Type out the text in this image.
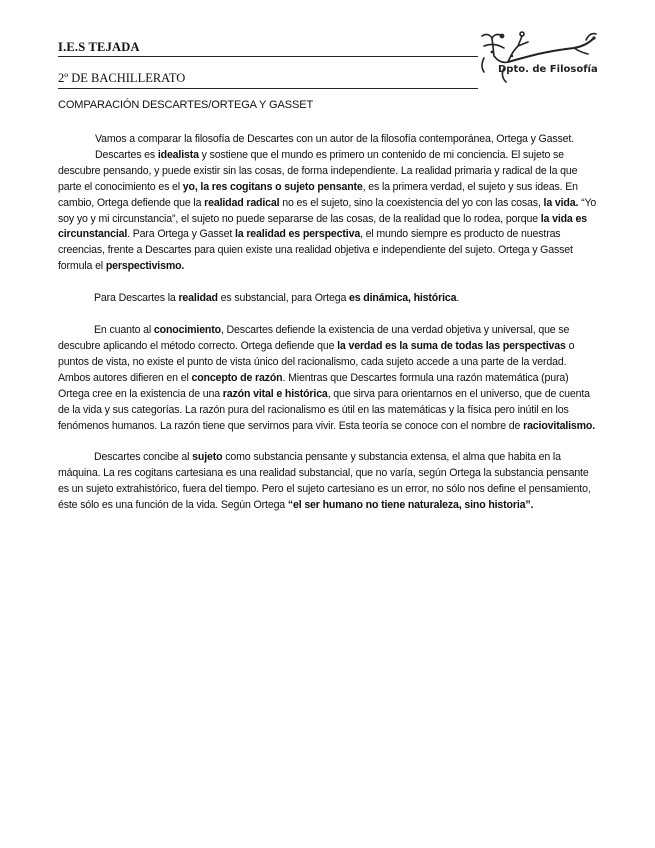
I.E.S TEJADA
2º DE BACHILLERATO
Dpto. de Filosofía
COMPARACIÓN DESCARTES/ORTEGA Y GASSET

Vamos a comparar la filosofía de Descartes con un autor de la filosofía contemporánea, Ortega y Gasset.

Descartes es idealista y sostiene que el mundo es primero un contenido de mi conciencia. El sujeto se descubre pensando, y puede existir sin las cosas, de forma independiente. La realidad primaria y radical de la que parte el conocimiento es el yo, la res cogitans o sujeto pensante, es la primera verdad, el sujeto y sus ideas. En cambio, Ortega defiende que la realidad radical no es el sujeto, sino la coexistencia del yo con las cosas, la vida. “Yo soy yo y mi circunstancia”, el sujeto no puede separarse de las cosas, de la realidad que lo rodea, porque la vida es circunstancial. Para Ortega y Gasset la realidad es perspectiva, el mundo siempre es producto de nuestras creencias, frente a Descartes para quien existe una realidad objetiva e independiente del sujeto. Ortega y Gasset formula el perspectivismo.

Para Descartes la realidad es substancial, para Ortega es dinámica, histórica.

En cuanto al conocimiento, Descartes defiende la existencia de una verdad objetiva y universal, que se descubre aplicando el método correcto. Ortega defiende que la verdad es la suma de todas las perspectivas o puntos de vista, no existe el punto de vista único del racionalismo, cada sujeto accede a una parte de la verdad. Ambos autores difieren en el concepto de razón. Mientras que Descartes formula una razón matemática (pura) Ortega cree en la existencia de una razón vital e histórica, que sirva para orientarnos en el universo, que de cuenta de la vida y sus categorías. La razón pura del racionalismo es útil en las matemáticas y la física pero inútil en los fenómenos humanos. La razón tiene que servirnos para vivir. Esta teoría se conoce con el nombre de raciovitalismo.

Descartes concibe al sujeto como substancia pensante y substancia extensa, el alma que habita en la máquina. La res cogitans cartesiana es una realidad substancial, que no varía, según Ortega la substancia pensante es un sujeto extrahistórico, fuera del tiempo. Pero el sujeto cartesiano es un error, no sólo nos define el pensamiento, éste sólo es una función de la vida. Según Ortega “el ser humano no tiene naturaleza, sino historia”.
